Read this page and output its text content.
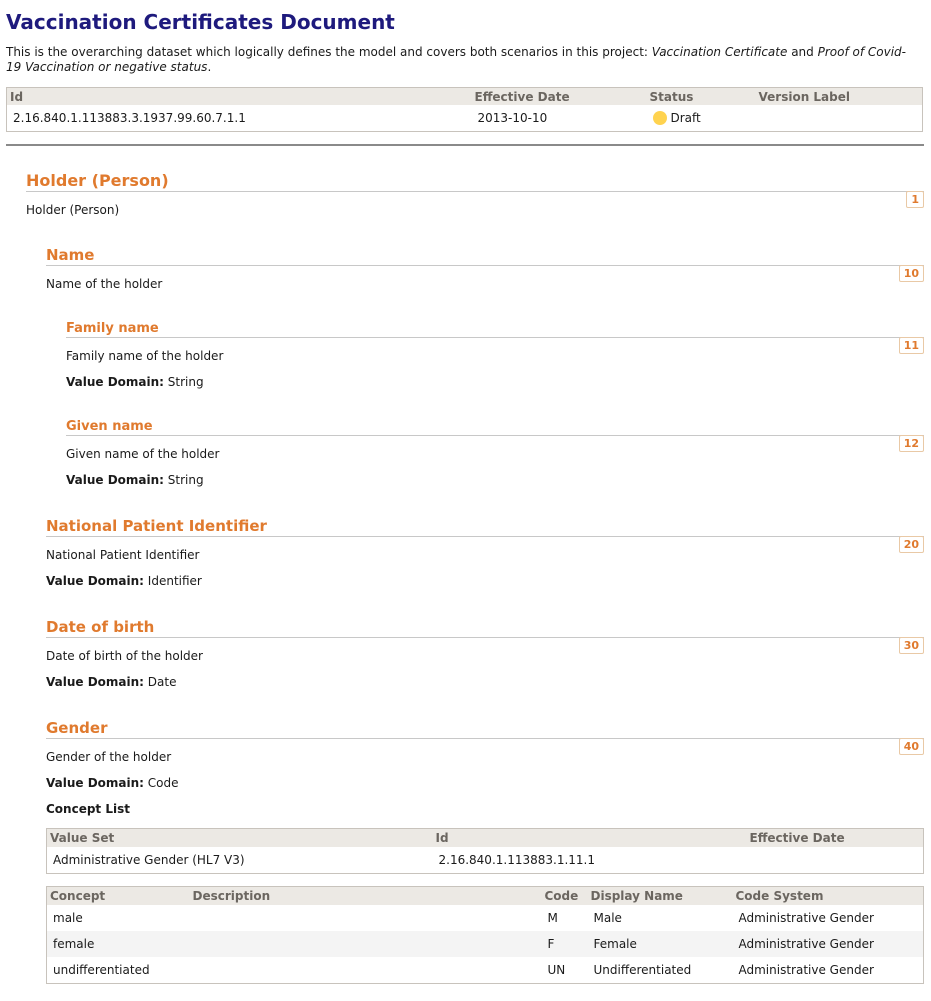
Vaccination Certificates Document

This is the overarching dataset which logically defines the model and covers both scenarios in this project: Vaccination Certificate and Proof of Covid-19 Vaccination or negative status.

Id	Effective Date	Status	Version Label
2.16.840.1.113883.3.1937.99.60.7.1.1	2013-10-10	Draft	
Holder (Person)
1
Holder (Person)
Name
10
Name of the holder
Family name
11
Family name of the holder
Value Domain: String
Given name
12
Given name of the holder
Value Domain: String
National Patient Identifier
20
National Patient Identifier
Value Domain: Identifier
Date of birth
30
Date of birth of the holder
Value Domain: Date
Gender
40
Gender of the holder
Value Domain: Code
Concept List
Value Set	Id	Effective Date
Administrative Gender (HL7 V3)	2.16.840.1.113883.1.11.1	
Concept	Description	Code	Display Name	Code System
male		M	Male	Administrative Gender
female		F	Female	Administrative Gender
undifferentiated		UN	Undifferentiated	Administrative Gender
